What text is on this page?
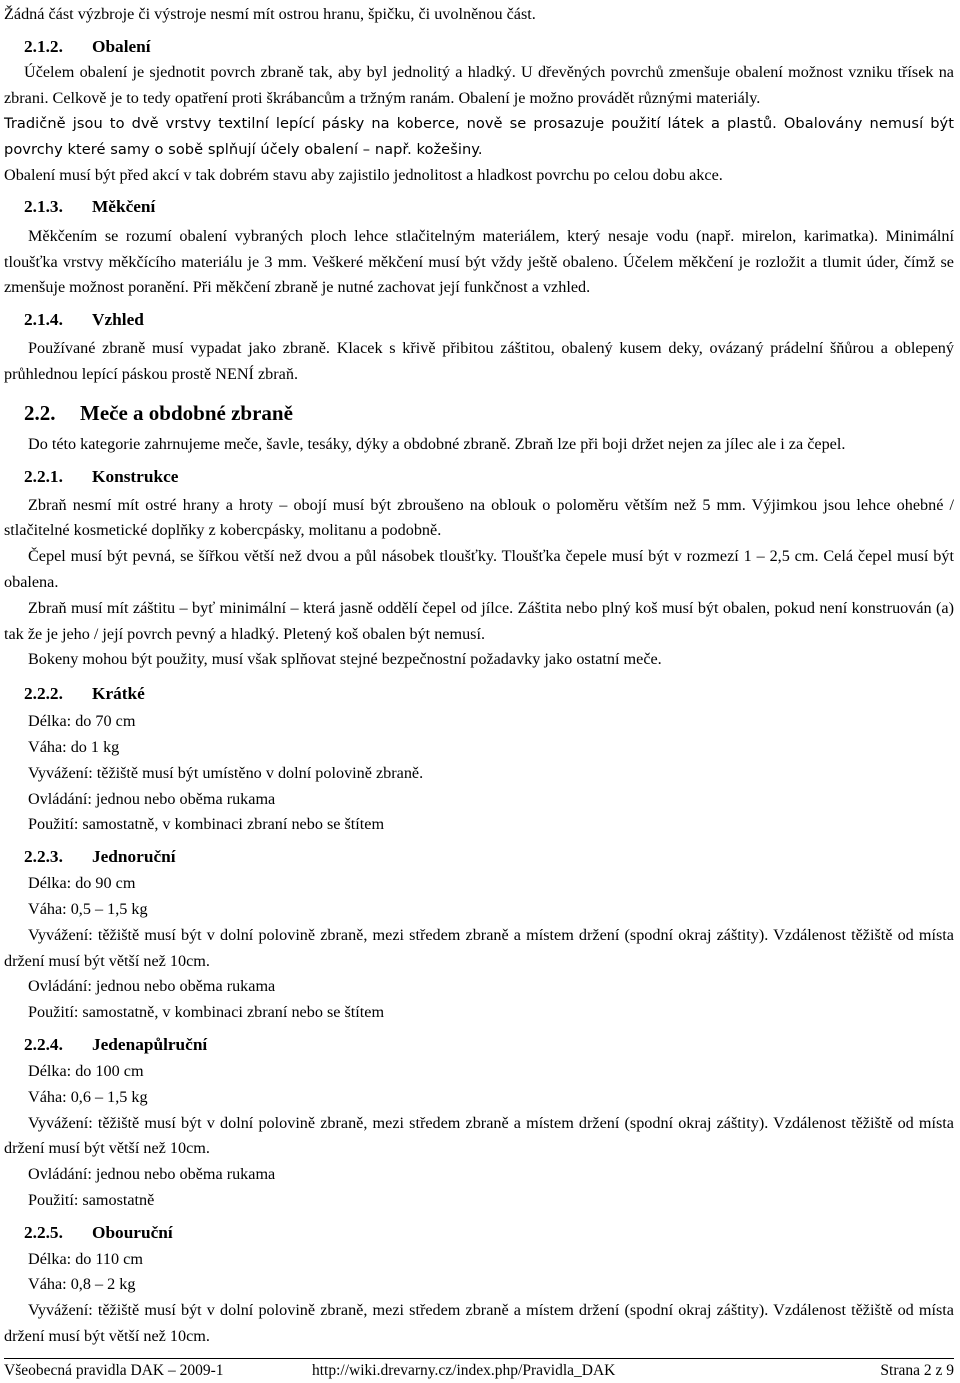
Žádná část výzbroje či výstroje nesmí mít ostrou hranu, špičku, či uvolněnou část.

2.1.2. Obalení

Účelem obalení je sjednotit povrch zbraně tak, aby byl jednolitý a hladký. U dřevěných povrchů zmenšuje obalení možnost vzniku třísek na zbrani. Celkově je to tedy opatření proti škrábancům a tržným ranám. Obalení je možno provádět různými materiály.

Tradičně jsou to dvě vrstvy textilní lepící pásky na koberce, nově se prosazuje použití látek a plastů. Obalovány nemusí být povrchy které samy o sobě splňují účely obalení – např. kožešiny.

Obalení musí být před akcí v tak dobrém stavu aby zajistilo jednolitost a hladkost povrchu po celou dobu akce.

2.1.3. Měkčení

Měkčením se rozumí obalení vybraných ploch lehce stlačitelným materiálem, který nesaje vodu (např. mirelon, karimatka). Minimální tloušťka vrstvy měkčícího materiálu je 3 mm. Veškeré měkčení musí být vždy ještě obaleno. Účelem měkčení je rozložit a tlumit úder, čímž se zmenšuje možnost poranění. Při měkčení zbraně je nutné zachovat její funkčnost a vzhled.

2.1.4. Vzhled

Používané zbraně musí vypadat jako zbraně. Klacek s křivě přibitou záštitou, obalený kusem deky, ovázaný prádelní šňůrou a oblepený průhlednou lepící páskou prostě NENÍ zbraň.

2.2. Meče a obdobné zbraně

Do této kategorie zahrnujeme meče, šavle, tesáky, dýky a obdobné zbraně. Zbraň lze při boji držet nejen za jílec ale i za čepel.

2.2.1. Konstrukce

Zbraň nesmí mít ostré hrany a hroty – obojí musí být zbroušeno na oblouk o poloměru větším než 5 mm. Výjimkou jsou lehce ohebné / stlačitelné kosmetické doplňky z kobercpásky, molitanu a podobně.

Čepel musí být pevná, se šířkou větší než dvou a půl násobek tloušťky. Tloušťka čepele musí být v rozmezí 1 – 2,5 cm. Celá čepel musí být obalena.

Zbraň musí mít záštitu – byť minimální – která jasně oddělí čepel od jílce. Záštita nebo plný koš musí být obalen, pokud není konstruován (a) tak že je jeho / její povrch pevný a hladký. Pletený koš obalen být nemusí.

Bokeny mohou být použity, musí však splňovat stejné bezpečnostní požadavky jako ostatní meče.

2.2.2. Krátké

Délka: do 70 cm

Váha: do 1 kg

Vyvážení: těžiště musí být umístěno v dolní polovině zbraně.

Ovládání: jednou nebo oběma rukama

Použití: samostatně, v kombinaci zbraní nebo se štítem

2.2.3. Jednoruční

Délka: do 90 cm

Váha: 0,5 – 1,5 kg

Vyvážení: těžiště musí být v dolní polovině zbraně, mezi středem zbraně a místem držení (spodní okraj záštity). Vzdálenost těžiště od místa držení musí být větší než 10cm.

Ovládání: jednou nebo oběma rukama

Použití: samostatně, v kombinaci zbraní nebo se štítem

2.2.4. Jedenapůlruční

Délka: do 100 cm

Váha: 0,6 – 1,5 kg

Vyvážení: těžiště musí být v dolní polovině zbraně, mezi středem zbraně a místem držení (spodní okraj záštity). Vzdálenost těžiště od místa držení musí být větší než 10cm.

Ovládání: jednou nebo oběma rukama

Použití: samostatně

2.2.5. Obouruční

Délka: do 110 cm

Váha: 0,8 – 2 kg

Vyvážení: těžiště musí být v dolní polovině zbraně, mezi středem zbraně a místem držení (spodní okraj záštity). Vzdálenost těžiště od místa držení musí být větší než 10cm.

Všeobecná pravidla DAK – 2009-1	http://wiki.drevarny.cz/index.php/Pravidla_DAK	Strana 2 z 9
